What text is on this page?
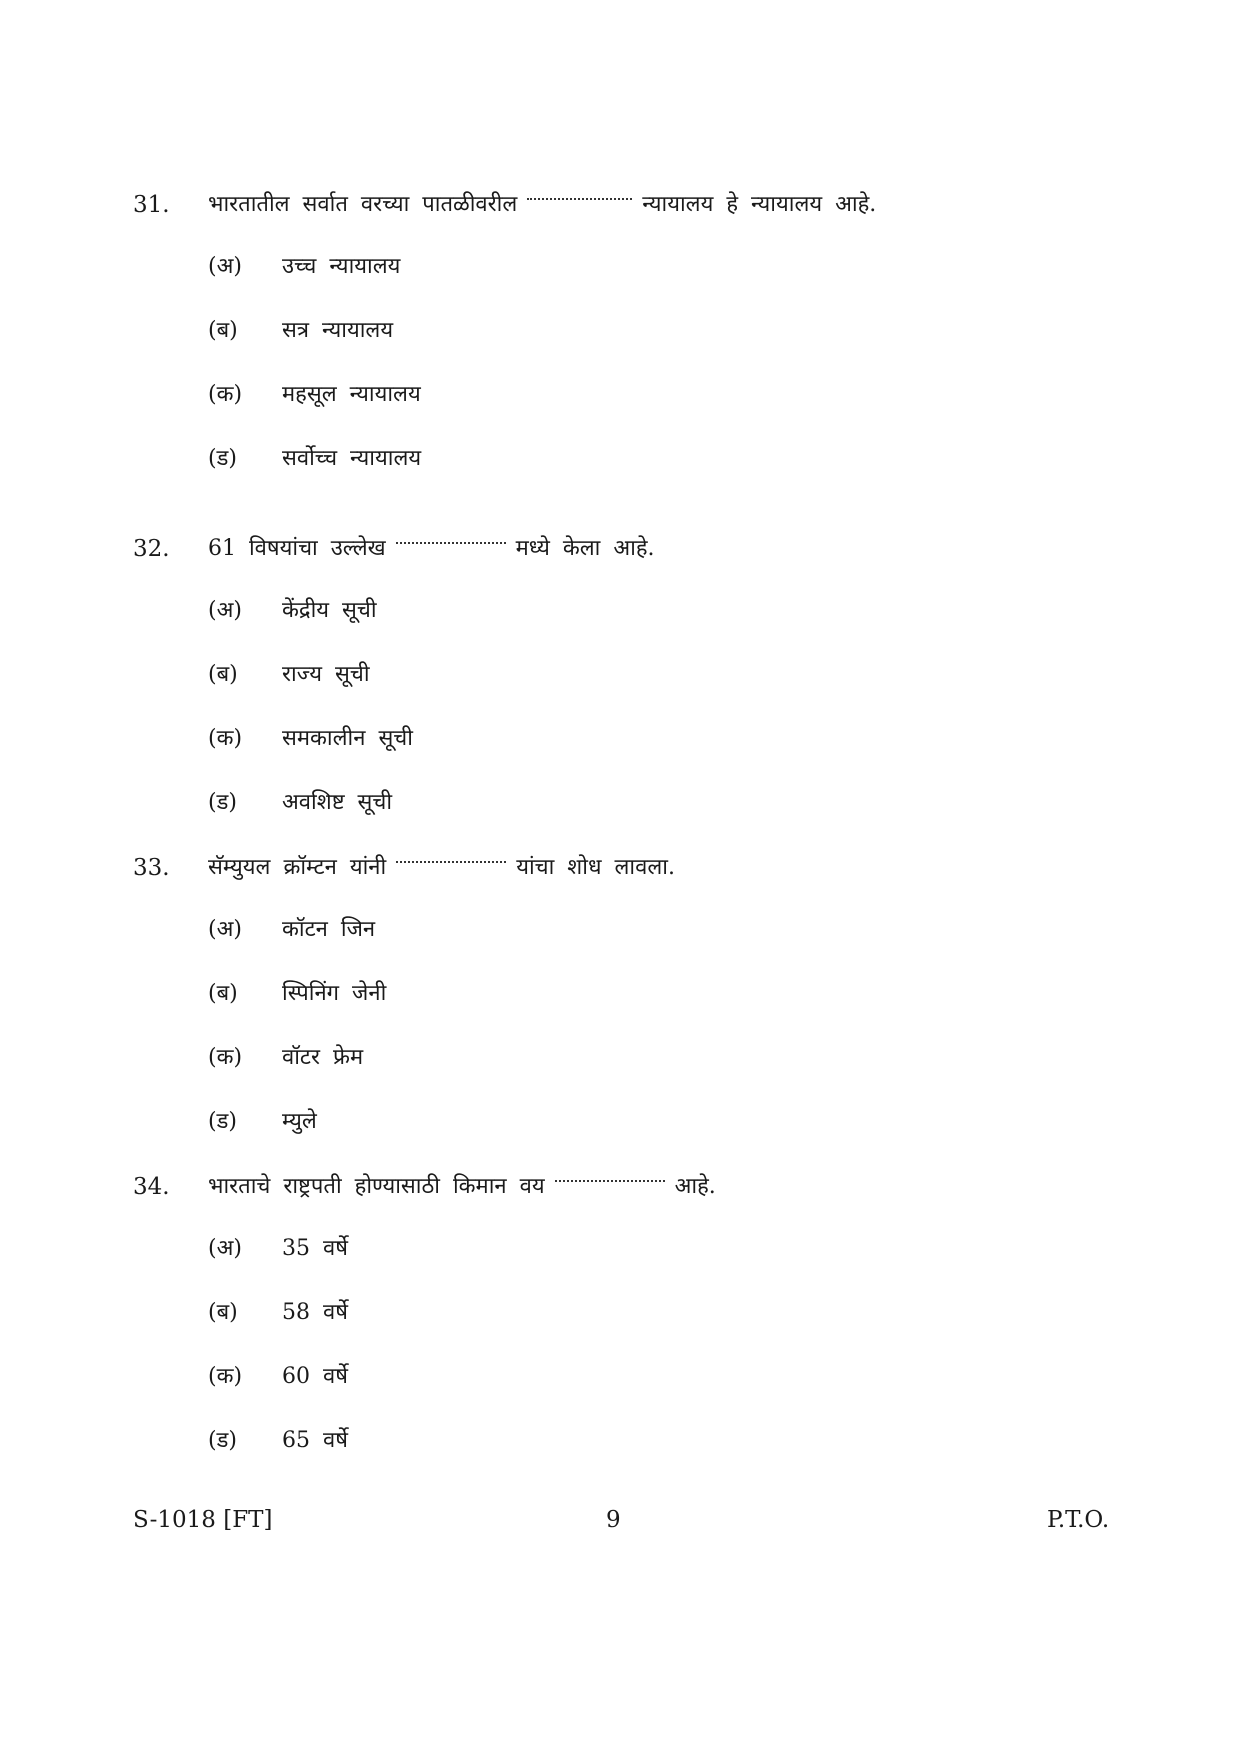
31. भारतातील सर्वात वरच्या पातळीवरील	न्यायालय हे न्यायालय आहे.
(अ) उच्च न्यायालय
(ब) सत्र न्यायालय
(क) महसूल न्यायालय
(ड) सर्वोच्च न्यायालय
32. 61 विषयांचा उल्लेख	मध्ये केला आहे.
(अ) केंद्रीय सूची
(ब) राज्य सूची
(क) समकालीन सूची
(ड) अवशिष्ट सूची
33. सॅम्युयल क्रॉम्टन यांनी	यांचा शोध लावला.
(अ) कॉटन जिन
(ब) स्पिनिंग जेनी
(क) वॉटर फ्रेम
(ड) म्युले
34. भारताचे राष्ट्रपती होण्यासाठी किमान वय	आहे.
(अ) 35 वर्षे
(ब) 58 वर्षे
(क) 60 वर्षे
(ड) 65 वर्षे
S-1018 [FT]	9	P.T.O.
